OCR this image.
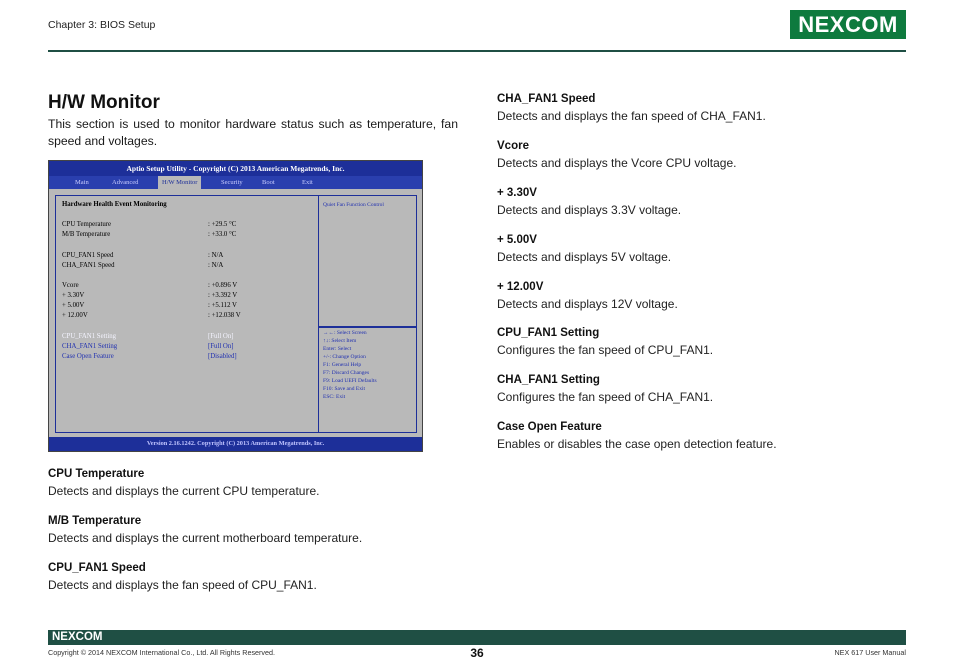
Chapter 3: BIOS Setup	NEXCOM
H/W Monitor
This section is used to monitor hardware status such as temperature, fan speed and voltages.
Aptio Setup Utility - Copyright (C) 2013 American Megatrends, Inc.
Main	Advanced	H/W Monitor	Security	Boot	Exit
Hardware Health Event Monitoring
CPU Temperature	: +29.5 °C
M/B Temperature	: +33.0 °C
CPU_FAN1 Speed	: N/A
CHA_FAN1 Speed	: N/A
Vcore	: +0.896 V
+ 3.30V	: +3.392 V
+ 5.00V	: +5.112 V
+ 12.00V	: +12.038 V
CPU_FAN1 Setting	[Full On]
CHA_FAN1 Setting	[Full On]
Case Open Feature	[Disabled]
Quiet Fan Function Control
→←: Select Screen
↑↓: Select Item
Enter: Select
+/-: Change Option
F1: General Help
F7: Discard Changes
F9: Load UEFI Defaults
F10: Save and Exit
ESC: Exit
Version 2.16.1242. Copyright (C) 2013 American Megatrends, Inc.
CPU Temperature
Detects and displays the current CPU temperature.
M/B Temperature
Detects and displays the current motherboard temperature.
CPU_FAN1 Speed
Detects and displays the fan speed of CPU_FAN1.
CHA_FAN1 Speed
Detects and displays the fan speed of CHA_FAN1.
Vcore
Detects and displays the Vcore CPU voltage.
+ 3.30V
Detects and displays 3.3V voltage.
+ 5.00V
Detects and displays 5V voltage.
+ 12.00V
Detects and displays 12V voltage.
CPU_FAN1 Setting
Configures the fan speed of CPU_FAN1.
CHA_FAN1 Setting
Configures the fan speed of CHA_FAN1.
Case Open Feature
Enables or disables the case open detection feature.
NEXCOM
Copyright © 2014 NEXCOM International Co., Ltd. All Rights Reserved.	36	NEX 617 User Manual
